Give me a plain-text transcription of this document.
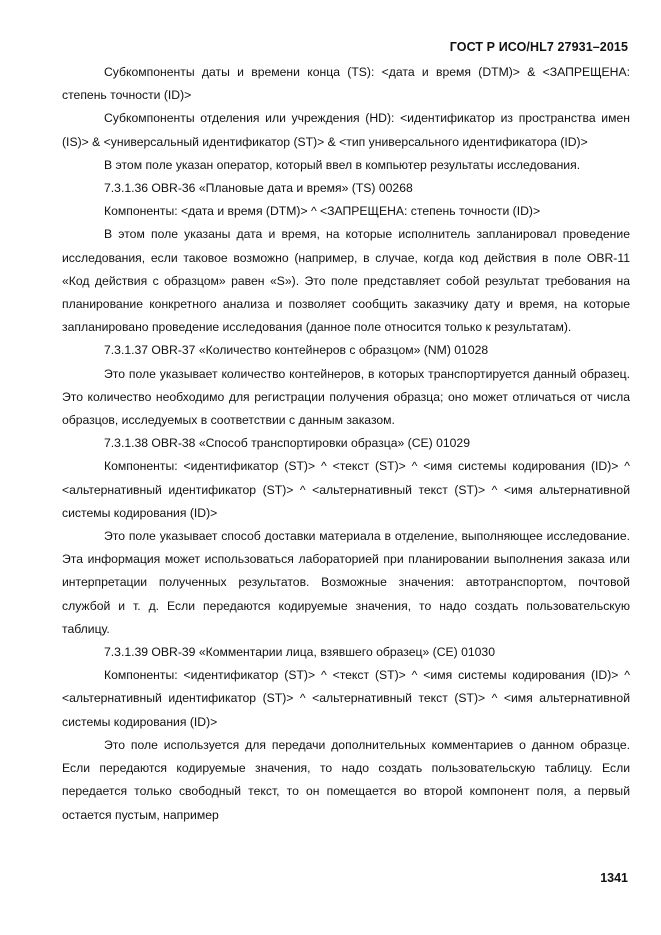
ГОСТ Р ИСО/HL7 27931–2015

Субкомпоненты даты и времени конца (TS): <дата и время (DTM)> & <ЗАПРЕЩЕНА: степень точности (ID)>

Субкомпоненты отделения или учреждения (HD): <идентификатор из пространства имен (IS)> & <универсальный идентификатор (ST)> & <тип универсального идентификатора (ID)>

В этом поле указан оператор, который ввел в компьютер результаты исследования.

7.3.1.36 OBR-36 «Плановые дата и время» (TS) 00268

Компоненты: <дата и время (DTM)> ^ <ЗАПРЕЩЕНА: степень точности (ID)>

В этом поле указаны дата и время, на которые исполнитель запланировал проведение исследования, если таковое возможно (например, в случае, когда код действия в поле OBR-11 «Код действия с образцом» равен «S»). Это поле представляет собой результат требования на планирование конкретного анализа и позволяет сообщить заказчику дату и время, на которые запланировано проведение исследования (данное поле относится только к результатам).

7.3.1.37 OBR-37 «Количество контейнеров с образцом» (NM) 01028

Это поле указывает количество контейнеров, в которых транспортируется данный образец. Это количество необходимо для регистрации получения образца; оно может отличаться от числа образцов, исследуемых в соответствии с данным заказом.

7.3.1.38 OBR-38 «Способ транспортировки образца» (CE) 01029

Компоненты: <идентификатор (ST)> ^ <текст (ST)> ^ <имя системы кодирования (ID)> ^ <альтернативный идентификатор (ST)> ^ <альтернативный текст (ST)> ^ <имя альтернативной системы кодирования (ID)>

Это поле указывает способ доставки материала в отделение, выполняющее исследование. Эта информация может использоваться лабораторией при планировании выполнения заказа или интерпретации полученных результатов. Возможные значения: автотранспортом, почтовой службой и т. д. Если передаются кодируемые значения, то надо создать пользовательскую таблицу.

7.3.1.39 OBR-39 «Комментарии лица, взявшего образец» (CE) 01030

Компоненты: <идентификатор (ST)> ^ <текст (ST)> ^ <имя системы кодирования (ID)> ^ <альтернативный идентификатор (ST)> ^ <альтернативный текст (ST)> ^ <имя альтернативной системы кодирования (ID)>

Это поле используется для передачи дополнительных комментариев о данном образце. Если передаются кодируемые значения, то надо создать пользовательскую таблицу. Если передается только свободный текст, то он помещается во второй компонент поля, а первый остается пустым, например

1341
